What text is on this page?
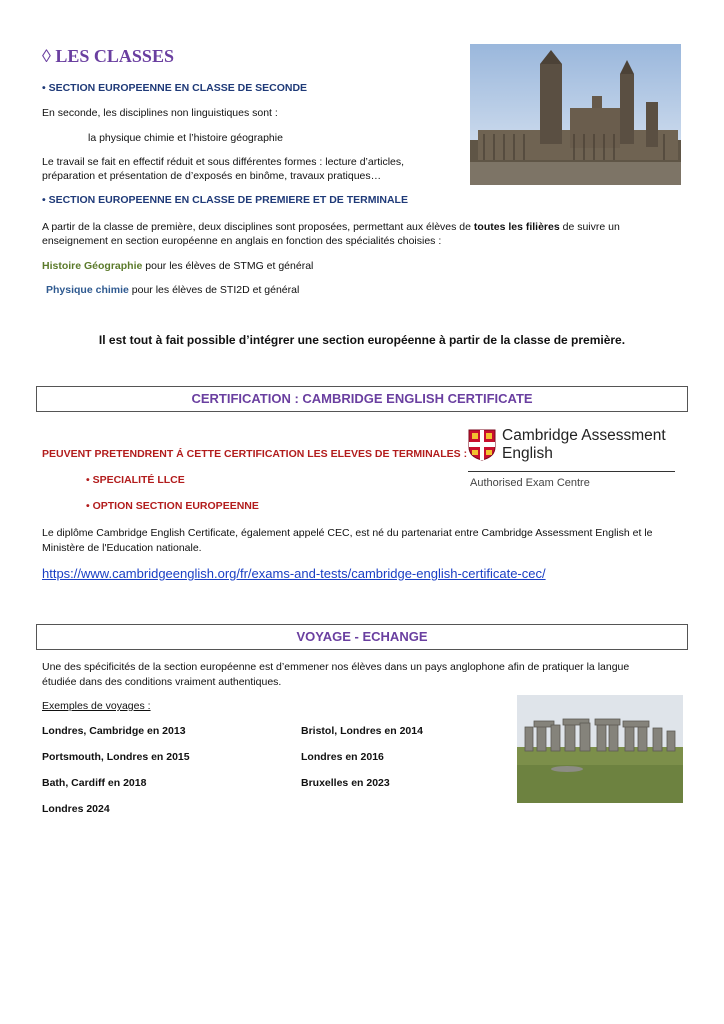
◊ LES CLASSES
• SECTION EUROPEENNE EN CLASSE DE SECONDE
En seconde, les disciplines non linguistiques sont :
la physique chimie et l’histoire géographie
Le travail se fait en effectif réduit et sous différentes formes : lecture d’articles,
préparation et présentation de d’exposés en binôme, travaux pratiques…
• SECTION EUROPEENNE EN CLASSE DE PREMIERE ET DE TERMINALE
A partir de la classe de première, deux disciplines sont proposées, permettant aux élèves de toutes les filières de suivre un
enseignement en section européenne en anglais en fonction des spécialités choisies :
Histoire Géographie pour les élèves de STMG et général
Physique chimie pour les élèves de STI2D et général
Il est tout à fait possible d’intégrer une section européenne à partir de la classe de première.
CERTIFICATION : CAMBRIDGE ENGLISH CERTIFICATE
Cambridge Assessment
English
Authorised Exam Centre
PEUVENT PRETENDRENT Á CETTE CERTIFICATION LES ELEVES DE TERMINALES :
• SPECIALITÉ LLCE
• OPTION SECTION EUROPEENNE
Le diplôme Cambridge English Certificate, également appelé CEC, est né du partenariat entre Cambridge Assessment English et le
Ministère de l'Education nationale.
https://www.cambridgeenglish.org/fr/exams-and-tests/cambridge-english-certificate-cec/
VOYAGE - ECHANGE
Une des spécificités de la section européenne est d’emmener nos élèves dans un pays anglophone afin de pratiquer la langue
étudiée dans des conditions vraiment authentiques.
Exemples de voyages :
Londres, Cambridge en 2013	Bristol, Londres en 2014
Portsmouth, Londres en 2015	Londres en 2016
Bath, Cardiff en 2018	Bruxelles en 2023
Londres 2024
